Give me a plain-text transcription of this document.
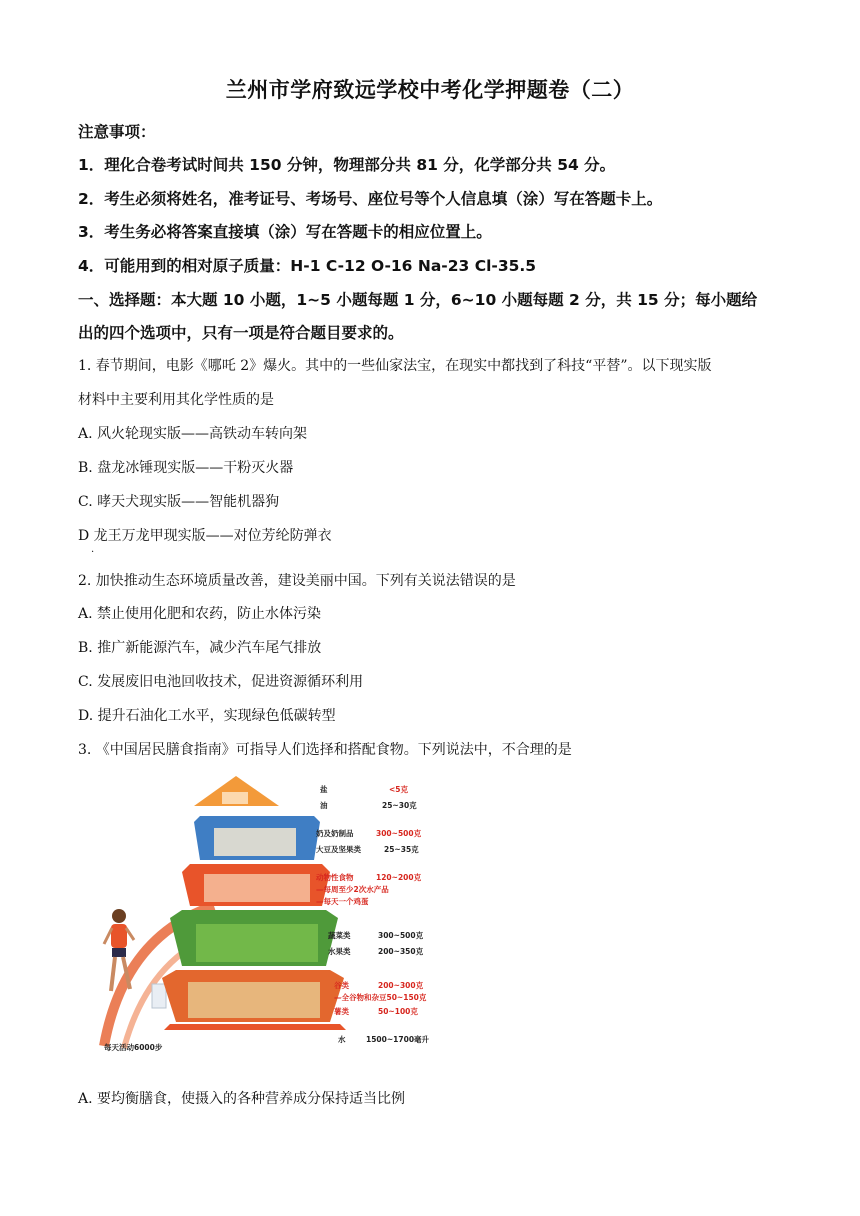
兰州市学府致远学校中考化学押题卷（二）
注意事项：
1．理化合卷考试时间共 150 分钟，物理部分共 81 分，化学部分共 54 分。
2．考生必须将姓名，准考证号、考场号、座位号等个人信息填（涂）写在答题卡上。
3．考生务必将答案直接填（涂）写在答题卡的相应位置上。
4．可能用到的相对原子质量：H-1 C-12 O-16 Na-23 Cl-35.5
一、选择题：本大题 10 小题，1~5 小题每题 1 分，6~10 小题每题 2 分，共 15 分；每小题给
出的四个选项中，只有一项是符合题目要求的。
1. 春节期间，电影《哪吒 2》爆火。其中的一些仙家法宝，在现实中都找到了科技“平替”。以下现实版
材料中主要利用其化学性质的是
A. 风火轮现实版——高铁动车转向架
B. 盘龙冰锤现实版——干粉灭火器
C. 哮天犬现实版——智能机器狗
D 龙王万龙甲现实版——对位芳纶防弹衣
.
2. 加快推动生态环境质量改善，建设美丽中国。下列有关说法错误的是
A. 禁止使用化肥和农药，防止水体污染
B. 推广新能源汽车，减少汽车尾气排放
C. 发展废旧电池回收技术，促进资源循环利用
D. 提升石油化工水平，实现绿色低碳转型
3. 《中国居民膳食指南》可指导人们选择和搭配食物。下列说法中，不合理的是
盐	<5克
油	25~30克
奶及奶制品	300~500克
大豆及坚果类	25~35克
动物性食物	120~200克
—每周至少2次水产品
—每天一个鸡蛋
蔬菜类	300~500克
水果类	200~350克
谷类	200~300克
—全谷物和杂豆50~150克
薯类	50~100克
水	1500~1700毫升
每天活动6000步
A. 要均衡膳食，使摄入的各种营养成分保持适当比例
